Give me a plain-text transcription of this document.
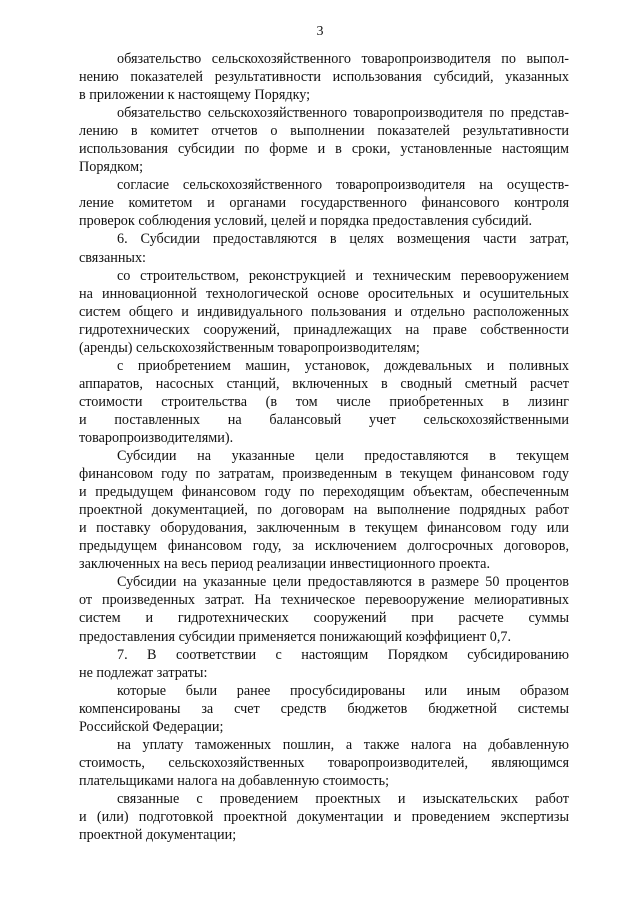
3
обязательство сельскохозяйственного товаропроизводителя по выпол-
нению показателей результативности использования субсидий, указанных
в приложении к настоящему Порядку;
обязательство сельскохозяйственного товаропроизводителя по представ-
лению в комитет отчетов о выполнении показателей результативности
использования субсидии по форме и в сроки, установленные настоящим
Порядком;
согласие сельскохозяйственного товаропроизводителя на осуществ-
ление комитетом и органами государственного финансового контроля
проверок соблюдения условий, целей и порядка предоставления субсидий.
6. Субсидии предоставляются в целях возмещения части затрат,
связанных:
со строительством, реконструкцией и техническим перевооружением
на инновационной технологической основе оросительных и осушительных
систем общего и индивидуального пользования и отдельно расположенных
гидротехнических сооружений, принадлежащих на праве собственности
(аренды) сельскохозяйственным товаропроизводителям;
с приобретением машин, установок, дождевальных и поливных
аппаратов, насосных станций, включенных в сводный сметный расчет
стоимости строительства (в том числе приобретенных в лизинг
и поставленных на балансовый учет сельскохозяйственными
товаропроизводителями).
Субсидии на указанные цели предоставляются в текущем
финансовом году по затратам, произведенным в текущем финансовом году
и предыдущем финансовом году по переходящим объектам, обеспеченным
проектной документацией, по договорам на выполнение подрядных работ
и поставку оборудования, заключенным в текущем финансовом году или
предыдущем финансовом году, за исключением долгосрочных договоров,
заключенных на весь период реализации инвестиционного проекта.
Субсидии на указанные цели предоставляются в размере 50 процентов
от произведенных затрат. На техническое перевооружение мелиоративных
систем и гидротехнических сооружений при расчете суммы
предоставления субсидии применяется понижающий коэффициент 0,7.
7. В соответствии с настоящим Порядком субсидированию
не подлежат затраты:
которые были ранее просубсидированы или иным образом
компенсированы за счет средств бюджетов бюджетной системы
Российской Федерации;
на уплату таможенных пошлин, а также налога на добавленную
стоимость, сельскохозяйственных товаропроизводителей, являющимся
плательщиками налога на добавленную стоимость;
связанные с проведением проектных и изыскательских работ
и (или) подготовкой проектной документации и проведением экспертизы
проектной документации;
